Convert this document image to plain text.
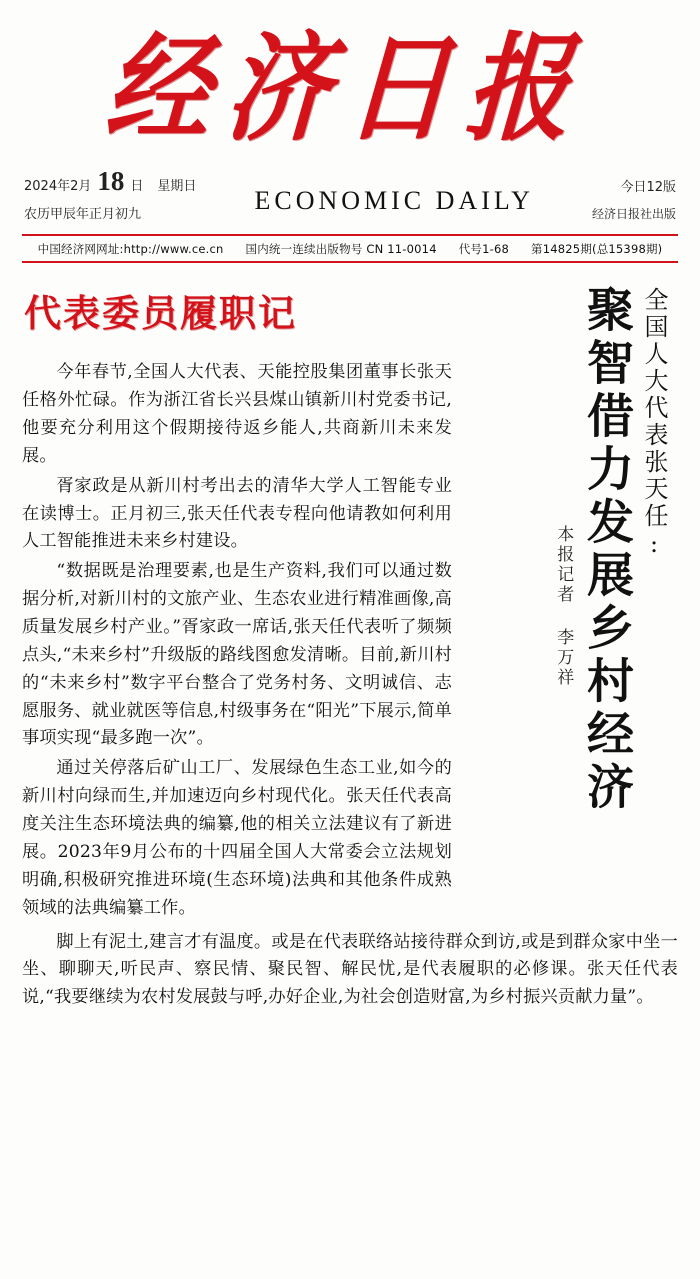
经济日报
2024年2月 18 日 星期日
农历甲辰年正月初九	ECONOMIC DAILY	今日12版
经济日报社出版
中国经济网网址:http://www.ce.cn 国内统一连续出版物号 CN 11-0014 代号1-68 第14825期(总15398期)
代表委员履职记

今年春节,全国人大代表、天能控股集团董事长张天任格外忙碌。作为浙江省长兴县煤山镇新川村党委书记,他要充分利用这个假期接待返乡能人,共商新川未来发展。

胥家政是从新川村考出去的清华大学人工智能专业在读博士。正月初三,张天任代表专程向他请教如何利用人工智能推进未来乡村建设。

“数据既是治理要素,也是生产资料,我们可以通过数据分析,对新川村的文旅产业、生态农业进行精准画像,高质量发展乡村产业。”胥家政一席话,张天任代表听了频频点头,“未来乡村”升级版的路线图愈发清晰。目前,新川村的“未来乡村”数字平台整合了党务村务、文明诚信、志愿服务、就业就医等信息,村级事务在“阳光”下展示,简单事项实现“最多跑一次”。

通过关停落后矿山工厂、发展绿色生态工业,如今的新川村向绿而生,并加速迈向乡村现代化。张天任代表高度关注生态环境法典的编纂,他的相关立法建议有了新进展。2023年9月公布的十四届全国人大常委会立法规划明确,积极研究推进环境(生态环境)法典和其他条件成熟领域的法典编纂工作。

全国人大代表张天任:
聚智借力发展乡村经济
本报记者 李万祥

脚上有泥土,建言才有温度。或是在代表联络站接待群众到访,或是到群众家中坐一坐、聊聊天,听民声、察民情、聚民智、解民忧,是代表履职的必修课。张天任代表说,“我要继续为农村发展鼓与呼,办好企业,为社会创造财富,为乡村振兴贡献力量”。
